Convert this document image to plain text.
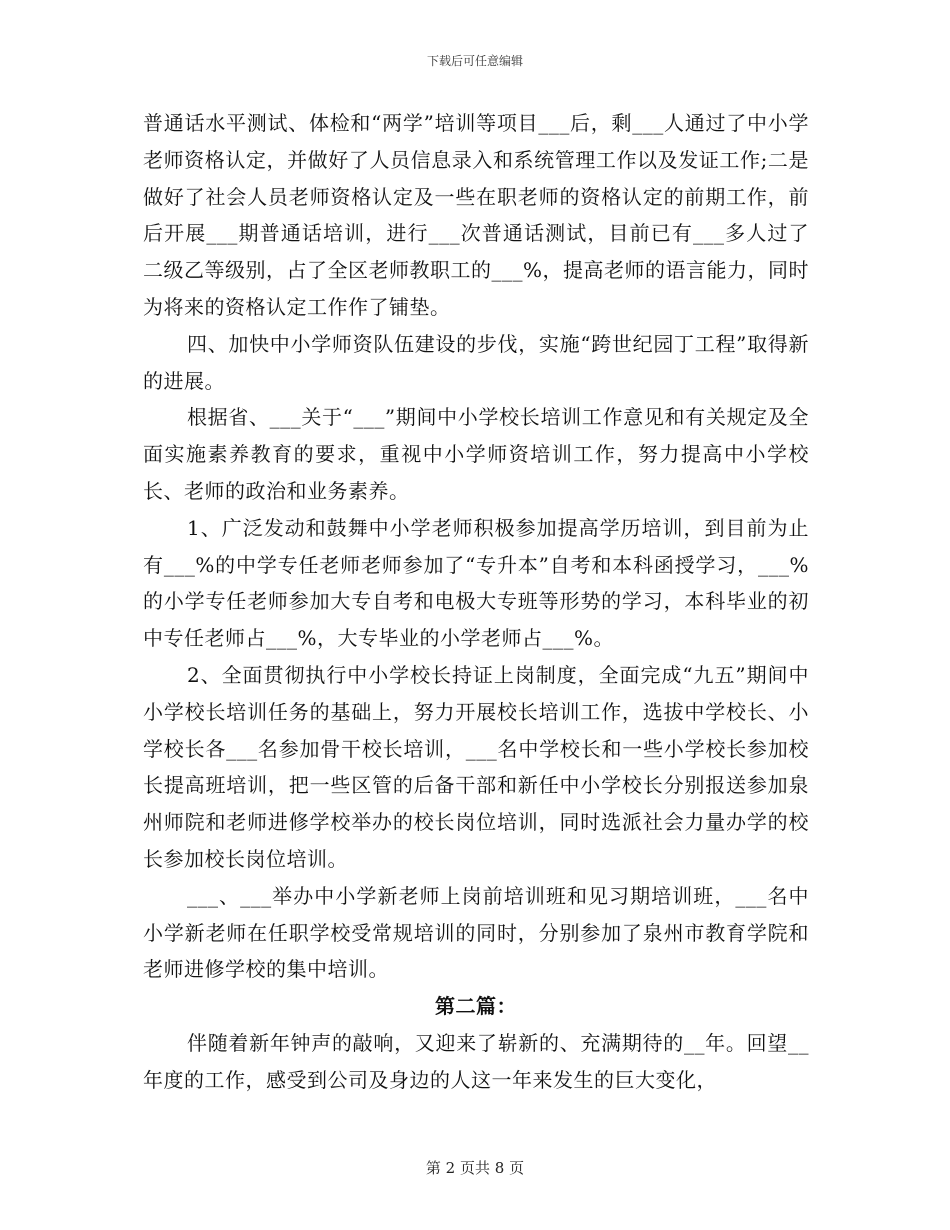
下载后可任意编辑

普通话水平测试、体检和“两学”培训等项目___后，剩___人通过了中小学老师资格认定，并做好了人员信息录入和系统管理工作以及发证工作;二是做好了社会人员老师资格认定及一些在职老师的资格认定的前期工作，前后开展___期普通话培训，进行___次普通话测试，目前已有___多人过了二级乙等级别，占了全区老师教职工的___%，提高老师的语言能力，同时为将来的资格认定工作作了铺垫。

四、加快中小学师资队伍建设的步伐，实施“跨世纪园丁工程”取得新的进展。

根据省、___关于“___”期间中小学校长培训工作意见和有关规定及全面实施素养教育的要求，重视中小学师资培训工作，努力提高中小学校长、老师的政治和业务素养。

1、广泛发动和鼓舞中小学老师积极参加提高学历培训，到目前为止有___%的中学专任老师老师参加了“专升本”自考和本科函授学习，___%的小学专任老师参加大专自考和电极大专班等形势的学习，本科毕业的初中专任老师占___%，大专毕业的小学老师占___%。

2、全面贯彻执行中小学校长持证上岗制度，全面完成“九五”期间中小学校长培训任务的基础上，努力开展校长培训工作，选拔中学校长、小学校长各___名参加骨干校长培训，___名中学校长和一些小学校长参加校长提高班培训，把一些区管的后备干部和新任中小学校长分别报送参加泉州师院和老师进修学校举办的校长岗位培训，同时选派社会力量办学的校长参加校长岗位培训。

___、___举办中小学新老师上岗前培训班和见习期培训班，___名中小学新老师在任职学校受常规培训的同时，分别参加了泉州市教育学院和老师进修学校的集中培训。

第二篇：

伴随着新年钟声的敲响，又迎来了崭新的、充满期待的__年。回望__年度的工作，感受到公司及身边的人这一年来发生的巨大变化，

第 2 页共 8 页
